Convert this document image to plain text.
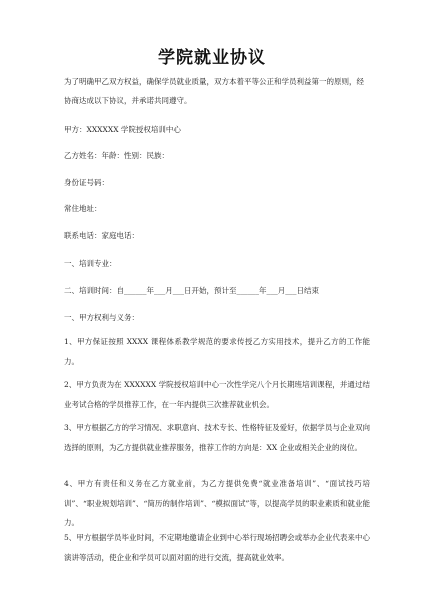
学院就业协议
为了明确甲乙双方权益，确保学员就业质量，双方本着平等公正和学员利益第一的原则，经协商达成以下协议，并承诺共同遵守。
甲方：XXXXXX 学院授权培训中心
乙方姓名：年龄：性别：民族：
身份证号码：
常住地址：
联系电话：家庭电话：
一、培训专业：
二、培训时间：自______年___月___日开始，预计至______年___月___日结束
一、甲方权利与义务：
1、甲方保证按照 XXXX 课程体系教学规范的要求传授乙方实用技术，提升乙方的工作能力。
2、甲方负责为在 XXXXXX 学院授权培训中心一次性学完八个月长期班培训课程，并通过结业考试合格的学员推荐工作，在一年内提供三次推荐就业机会。
3、甲方根据乙方的学习情况、求职意向、技术专长、性格特征及爱好，依据学员与企业双向选择的原则，为乙方提供就业推荐服务，推荐工作的方向是：XX 企业或相关企业的岗位。
4、甲方有责任和义务在乙方就业前，为乙方提供免费“就业准备培训”、“面试技巧培训”、“职业规划培训”、“简历的制作培训”、“模拟面试”等，以提高学员的职业素质和就业能力。
5、甲方根据学员毕业时间，不定期地邀请企业到中心举行现场招聘会或举办企业代表来中心演讲等活动，使企业和学员可以面对面的进行交流，提高就业效率。
